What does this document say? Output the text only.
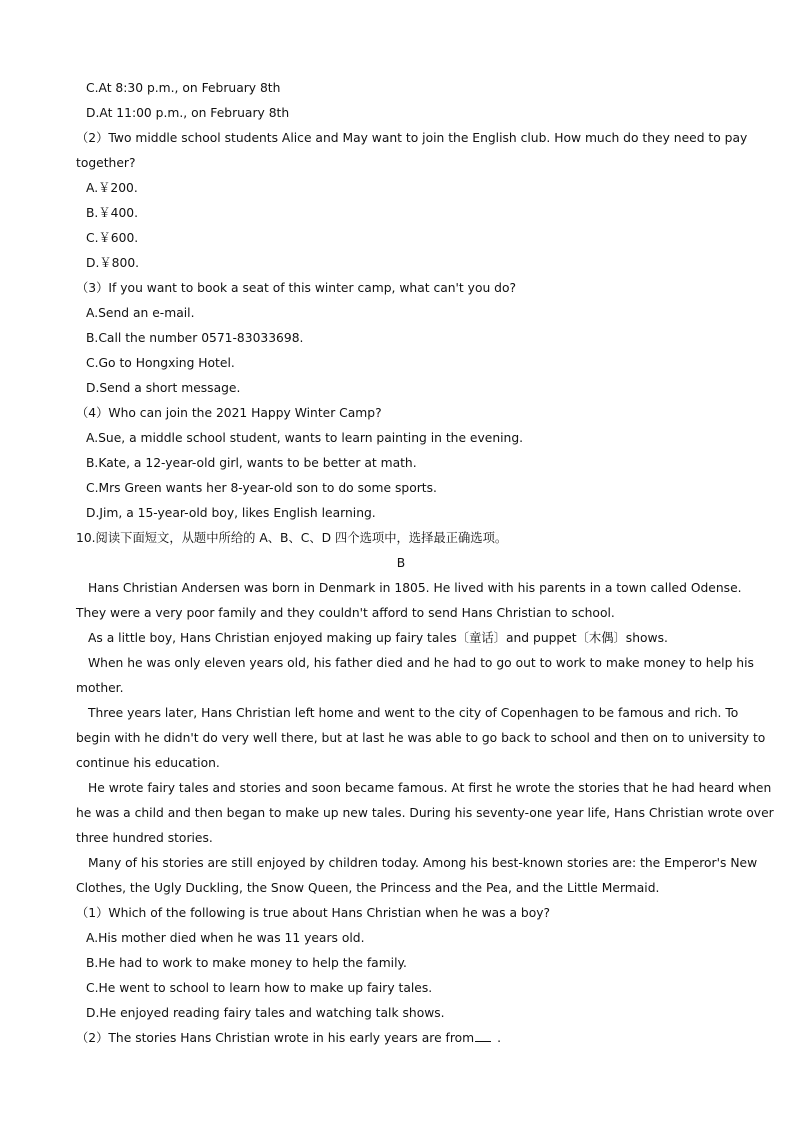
C.At 8:30 p.m., on February 8th
D.At 11:00 p.m., on February 8th
（2）Two middle school students Alice and May want to join the English club. How much do they need to pay
together?
A.￥200.
B.￥400.
C.￥600.
D.￥800.
（3）If you want to book a seat of this winter camp, what can't you do?
A.Send an e-mail.
B.Call the number 0571-83033698.
C.Go to Hongxing Hotel.
D.Send a short message.
（4）Who can join the 2021 Happy Winter Camp?
A.Sue, a middle school student, wants to learn painting in the evening.
B.Kate, a 12-year-old girl, wants to be better at math.
C.Mrs Green wants her 8-year-old son to do some sports.
D.Jim, a 15-year-old boy, likes English learning.
10.阅读下面短文，从题中所给的 A、B、C、D 四个选项中，选择最正确选项。
B
Hans Christian Andersen was born in Denmark in 1805. He lived with his parents in a town called Odense.
They were a very poor family and they couldn't afford to send Hans Christian to school.
As a little boy, Hans Christian enjoyed making up fairy tales〔童话〕and puppet〔木偶〕shows.
When he was only eleven years old, his father died and he had to go out to work to make money to help his
mother.
Three years later, Hans Christian left home and went to the city of Copenhagen to be famous and rich. To
begin with he didn't do very well there, but at last he was able to go back to school and then on to university to
continue his education.
He wrote fairy tales and stories and soon became famous. At first he wrote the stories that he had heard when
he was a child and then began to make up new tales. During his seventy-one year life, Hans Christian wrote over
three hundred stories.
Many of his stories are still enjoyed by children today. Among his best-known stories are: the Emperor's New
Clothes, the Ugly Duckling, the Snow Queen, the Princess and the Pea, and the Little Mermaid.
（1）Which of the following is true about Hans Christian when he was a boy?
A.His mother died when he was 11 years old.
B.He had to work to make money to help the family.
C.He went to school to learn how to make up fairy tales.
D.He enjoyed reading fairy tales and watching talk shows.
（2）The stories Hans Christian wrote in his early years are from .
